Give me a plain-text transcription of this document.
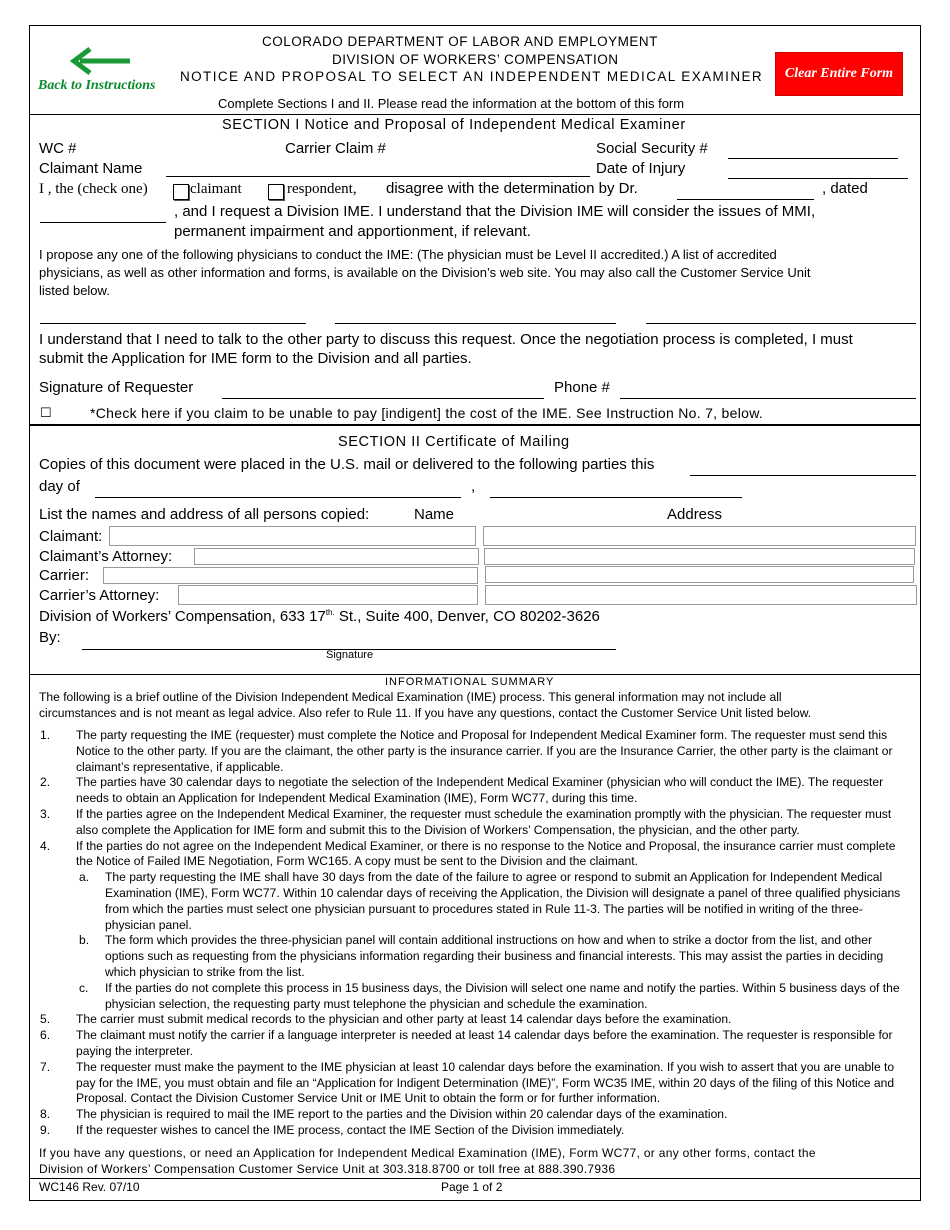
Back to Instructions
COLORADO DEPARTMENT OF LABOR AND EMPLOYMENT
DIVISION OF WORKERS’ COMPENSATION
NOTICE AND PROPOSAL TO SELECT AN INDEPENDENT MEDICAL EXAMINER	Clear Entire Form
Complete Sections I and II. Please read the information at the bottom of this form
SECTION I Notice and Proposal of Independent Medical Examiner
WC #	Carrier Claim #	Social Security #
Claimant Name	Date of Injury
I , the (check one)	claimant	respondent, disagree with the determination by Dr.	, dated
, and I request a Division IME. I understand that the Division IME will consider the issues of MMI,
permanent impairment and apportionment, if relevant.
I propose any one of the following physicians to conduct the IME: (The physician must be Level II accredited.) A list of accredited
physicians, as well as other information and forms, is available on the Division’s web site. You may also call the Customer Service Unit
listed below.
I understand that I need to talk to the other party to discuss this request. Once the negotiation process is completed, I must
submit the Application for IME form to the Division and all parties.
Signature of Requester	Phone #
☐	*Check here if you claim to be unable to pay [indigent] the cost of the IME. See Instruction No. 7, below.
SECTION II Certificate of Mailing
Copies of this document were placed in the U.S. mail or delivered to the following parties this
day of	,
List the names and address of all persons copied:	Name	Address
Claimant:
Claimant’s Attorney:
Carrier:
Carrier’s Attorney:
Division of Workers’ Compensation, 633 $17^{th.}$ St., Suite 400, Denver, CO 80202-3626
By:
Signature
INFORMATIONAL SUMMARY
The following is a brief outline of the Division Independent Medical Examination (IME) process. This general information may not include all
circumstances and is not meant as legal advice. Also refer to Rule 11. If you have any questions, contact the Customer Service Unit listed below.
1. The party requesting the IME (requester) must complete the Notice and Proposal for Independent Medical Examiner form. The requester must send this Notice to the other party. If you are the claimant, the other party is the insurance carrier. If you are the Insurance Carrier, the other party is the claimant or claimant’s representative, if applicable.
2. The parties have 30 calendar days to negotiate the selection of the Independent Medical Examiner (physician who will conduct the IME). The requester needs to obtain an Application for Independent Medical Examination (IME), Form WC77, during this time.
3. If the parties agree on the Independent Medical Examiner, the requester must schedule the examination promptly with the physician. The requester must also complete the Application for IME form and submit this to the Division of Workers’ Compensation, the physician, and the other party.
4. If the parties do not agree on the Independent Medical Examiner, or there is no response to the Notice and Proposal, the insurance carrier must complete the Notice of Failed IME Negotiation, Form WC165. A copy must be sent to the Division and the claimant.
a. The party requesting the IME shall have 30 days from the date of the failure to agree or respond to submit an Application for Independent Medical Examination (IME), Form WC77. Within 10 calendar days of receiving the Application, the Division will designate a panel of three qualified physicians from which the parties must select one physician pursuant to procedures stated in Rule 11-3. The parties will be notified in writing of the three-physician panel.
b. The form which provides the three-physician panel will contain additional instructions on how and when to strike a doctor from the list, and other options such as requesting from the physicians information regarding their business and financial interests. This may assist the parties in deciding which physician to strike from the list.
c. If the parties do not complete this process in 15 business days, the Division will select one name and notify the parties. Within 5 business days of the physician selection, the requesting party must telephone the physician and schedule the examination.
5. The carrier must submit medical records to the physician and other party at least 14 calendar days before the examination.
6. The claimant must notify the carrier if a language interpreter is needed at least 14 calendar days before the examination. The requester is responsible for paying the interpreter.
7. The requester must make the payment to the IME physician at least 10 calendar days before the examination. If you wish to assert that you are unable to pay for the IME, you must obtain and file an “Application for Indigent Determination (IME)”, Form WC35 IME, within 20 days of the filing of this Notice and Proposal. Contact the Division Customer Service Unit or IME Unit to obtain the form or for further information.
8. The physician is required to mail the IME report to the parties and the Division within 20 calendar days of the examination.
9. If the requester wishes to cancel the IME process, contact the IME Section of the Division immediately.
If you have any questions, or need an Application for Independent Medical Examination (IME), Form WC77, or any other forms, contact the
Division of Workers’ Compensation Customer Service Unit at 303.318.8700 or toll free at 888.390.7936
WC146 Rev. 07/10	Page 1 of 2
